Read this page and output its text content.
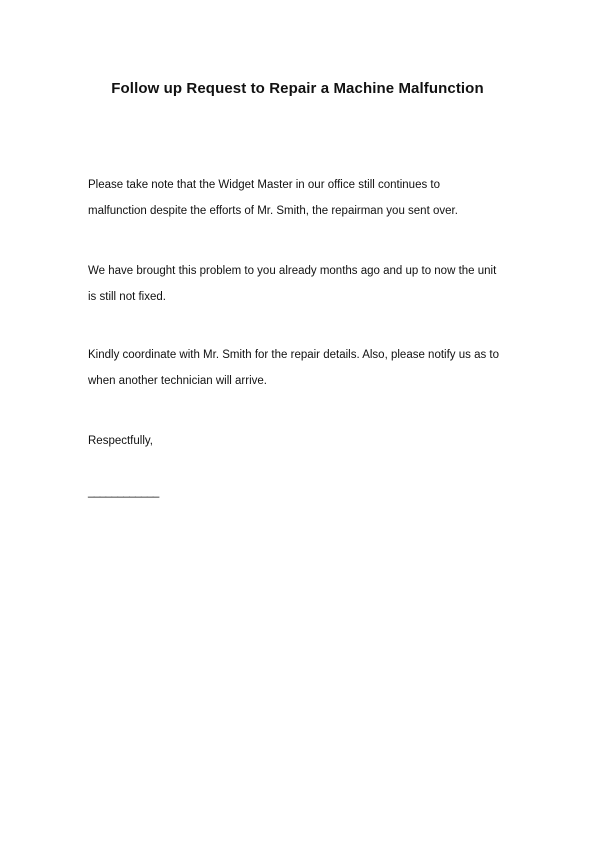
Follow up Request to Repair a Machine Malfunction
Please take note that the Widget Master in our office still continues to
malfunction despite the efforts of Mr. Smith, the repairman you sent over.
We have brought this problem to you already months ago and up to now the unit
is still not fixed.
Kindly coordinate with Mr. Smith for the repair details. Also, please notify us as to
when another technician will arrive.
Respectfully,
____________
